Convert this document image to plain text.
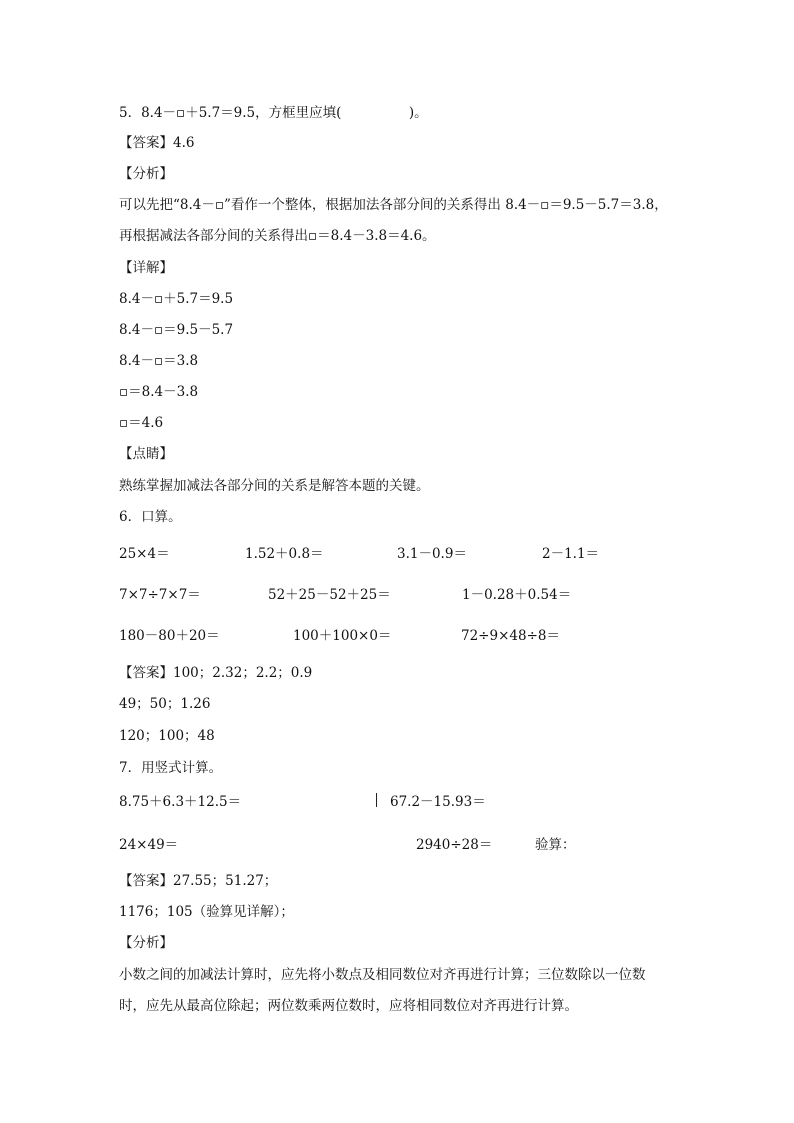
5．8.4－▫＋5.7＝9.5，方框里应填(　　　　　)。
【答案】4.6
【分析】
可以先把“8.4－▫”看作一个整体，根据加法各部分间的关系得出 8.4－▫＝9.5－5.7＝3.8，
再根据减法各部分间的关系得出▫＝8.4－3.8＝4.6。
【详解】
8.4－▫＋5.7＝9.5
8.4－▫＝9.5－5.7
8.4－▫＝3.8
▫＝8.4－3.8
▫＝4.6
【点睛】
熟练掌握加减法各部分间的关系是解答本题的关键。
6．口算。
25×4＝	1.52＋0.8＝	3.1－0.9＝	2－1.1＝
7×7÷7×7＝	52＋25－52＋25＝	1－0.28＋0.54＝
180－80＋20＝	100＋100×0＝	72÷9×48÷8＝
【答案】100；2.32；2.2；0.9
49；50；1.26
120；100；48
7．用竖式计算。
8.75＋6.3＋12.5＝	67.2－15.93＝
24×49＝	2940÷28＝	验算：
【答案】27.55；51.27；
1176；105（验算见详解）；
【分析】
小数之间的加减法计算时，应先将小数点及相同数位对齐再进行计算；三位数除以一位数
时，应先从最高位除起；两位数乘两位数时，应将相同数位对齐再进行计算。
